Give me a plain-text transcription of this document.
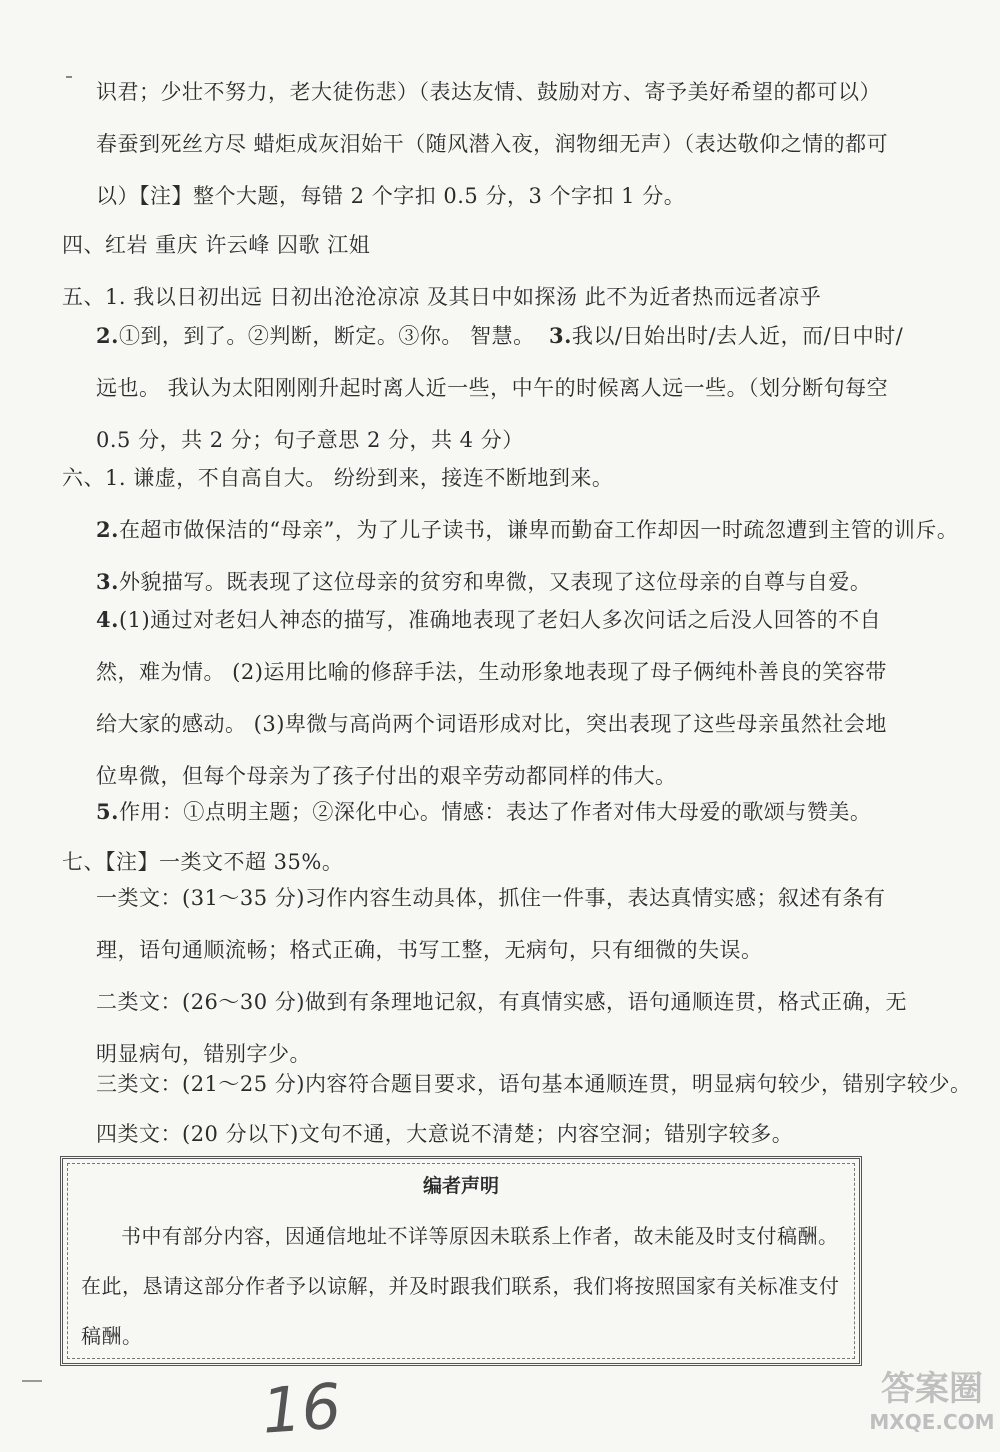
识君；少壮不努力，老大徒伤悲）（表达友情、鼓励对方、寄予美好希望的都可以） 春蚕到死丝方尽 蜡炬成灰泪始干（随风潜入夜，润物细无声）（表达敬仰之情的都可以）【注】整个大题，每错 2 个字扣 0.5 分，3 个字扣 1 分。
四、红岩 重庆 许云峰 囚歌 江姐
五、1. 我以日初出远 日初出沧沧凉凉 及其日中如探汤 此不为近者热而远者凉乎
2.①到，到了。②判断，断定。③你。 智慧。 3.我以/日始出时/去人近，而/日中时/远也。 我认为太阳刚刚升起时离人近一些，中午的时候离人远一些。（划分断句每空 0.5 分，共 2 分；句子意思 2 分，共 4 分）
六、1. 谦虚，不自高自大。 纷纷到来，接连不断地到来。
2.在超市做保洁的“母亲”，为了儿子读书，谦卑而勤奋工作却因一时疏忽遭到主管的训斥。
3.外貌描写。既表现了这位母亲的贫穷和卑微，又表现了这位母亲的自尊与自爱。
4.(1)通过对老妇人神态的描写，准确地表现了老妇人多次问话之后没人回答的不自然，难为情。 (2)运用比喻的修辞手法，生动形象地表现了母子俩纯朴善良的笑容带给大家的感动。 (3)卑微与高尚两个词语形成对比，突出表现了这些母亲虽然社会地位卑微，但每个母亲为了孩子付出的艰辛劳动都同样的伟大。
5.作用：①点明主题；②深化中心。情感：表达了作者对伟大母爱的歌颂与赞美。
七、【注】一类文不超 35%。
一类文：(31～35 分)习作内容生动具体，抓住一件事，表达真情实感；叙述有条有理，语句通顺流畅；格式正确，书写工整，无病句，只有细微的失误。
二类文：(26～30 分)做到有条理地记叙，有真情实感，语句通顺连贯，格式正确，无明显病句，错别字少。
三类文：(21～25 分)内容符合题目要求，语句基本通顺连贯，明显病句较少，错别字较少。
四类文：(20 分以下)文句不通，大意说不清楚；内容空洞；错别字较多。
编者声明
书中有部分内容，因通信地址不详等原因未联系上作者，故未能及时支付稿酬。在此，恳请这部分作者予以谅解，并及时跟我们联系，我们将按照国家有关标准支付稿酬。
16	答案圈
MXQE.COM
